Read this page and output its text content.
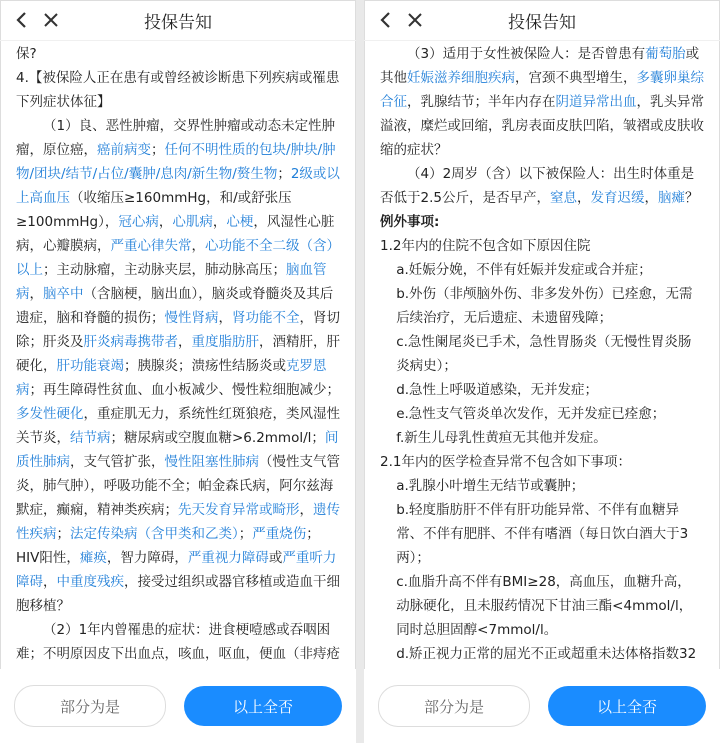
投保告知

保?

4.【被保险人正在患有或曾经被诊断患下列疾病或罹患下列症状体征】

（1）良、恶性肿瘤，交界性肿瘤或动态未定性肿瘤，原位癌，癌前病变；任何不明性质的包块/肿块/肿物/团块/结节/占位/囊肿/息肉/新生物/赘生物；2级或以上高血压（收缩压≥160mmHg，和/或舒张压≥100mmHg），冠心病，心肌病，心梗，风湿性心脏病，心瓣膜病，严重心律失常，心功能不全二级（含）以上；主动脉瘤，主动脉夹层，肺动脉高压；脑血管病，脑卒中（含脑梗，脑出血），脑炎或脊髓炎及其后遗症，脑和脊髓的损伤；慢性肾病，肾功能不全，肾切除；肝炎及肝炎病毒携带者，重度脂肪肝，酒精肝，肝硬化，肝功能衰竭；胰腺炎；溃疡性结肠炎或克罗恩病；再生障碍性贫血、血小板减少、慢性粒细胞减少；多发性硬化，重症肌无力，系统性红斑狼疮，类风湿性关节炎，结节病；糖尿病或空腹血糖>6.2mmol/l；间质性肺病，支气管扩张，慢性阻塞性肺病（慢性支气管炎，肺气肿），呼吸功能不全；帕金森氏病，阿尔兹海默症，癫痫，精神类疾病；先天发育异常或畸形，遗传性疾病；法定传染病（含甲类和乙类）；严重烧伤；HIV阳性，瘫痪，智力障碍，严重视力障碍或严重听力障碍，中重度残疾，接受过组织或器官移植或造血干细胞移植？

（2）1年内曾罹患的症状：进食梗噎感或吞咽困难；不明原因皮下出血点，咳血，呕血，便血（非痔疮

部分为是	以上全否
投保告知

（3）适用于女性被保险人：是否曾患有葡萄胎或其他妊娠滋养细胞疾病，宫颈不典型增生，多囊卵巢综合征，乳腺结节；半年内存在阴道异常出血，乳头异常溢液，糜烂或回缩，乳房表面皮肤凹陷，皱褶或皮肤收缩的症状？

（4）2周岁（含）以下被保险人：出生时体重是否低于2.5公斤，是否早产，窒息，发育迟缓，脑瘫？

例外事项:

1.2年内的住院不包含如下原因住院

a.妊娠分娩，不伴有妊娠并发症或合并症；

b.外伤（非颅脑外伤、非多发外伤）已痊愈，无需后续治疗，无后遗症、未遗留残障；

c.急性阑尾炎已手术，急性胃肠炎（无慢性胃炎肠炎病史）；

d.急性上呼吸道感染，无并发症；

e.急性支气管炎单次发作，无并发症已痊愈；

f.新生儿母乳性黄疸无其他并发症。

2.1年内的医学检查异常不包含如下事项：

a.乳腺小叶增生无结节或囊肿；

b.轻度脂肪肝不伴有肝功能异常、不伴有血糖异常、不伴有肥胖、不伴有嗜酒（每日饮白酒大于3两）；

c.血脂升高不伴有BMI≥28，高血压，血糖升高，动脉硬化，且未服药情况下甘油三酯<4mmol/l，同时总胆固醇<7mmol/l。

d.矫正视力正常的屈光不正或超重未达体格指数32

部分为是	以上全否
